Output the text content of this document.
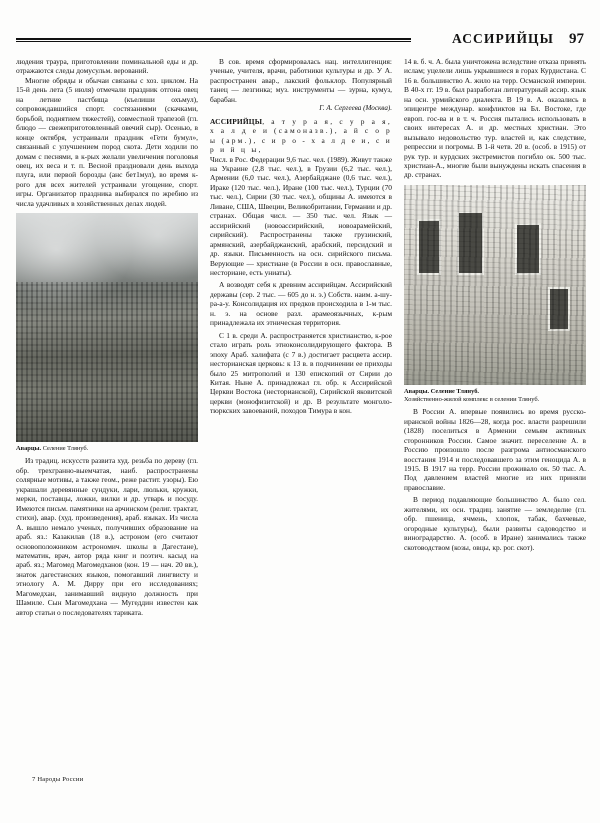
АССИРИЙЦЫ	97

людения траура, приготовлении поминальной еды и др. отражаются следы домусульм. верований.

Многие обряды и обычаи связаны с хоз. циклом. На 15-й день лета (5 июля) отмечали праздник отгона овец на летние пастбища (къелиши охъмул), сопровождавшийся спорт. состязаниями (скачками, борьбой, поднятием тяжестей), совместной трапезой (гл. блюдо — свежеприготовленный овечий сыр). Осенью, в конце октября, устраивали праздник «Гети бумул», связанный с улучшением пород скота. Дети ходили по домам с песнями, в к-рых желали увеличения поголовья овец, их веса и т. п. Весной праздновали день выхода плуга, или первой борозды (анс бет1мул), во время к-рого для всех жителей устраивали угощение, спорт. игры. Организатор праздника выбирался по жребию из числа удачливых в хозяйственных делах людей.

Аварцы. Селение Тлянуб.

Из традиц. искусств развита худ. резьба по дереву (гл. обр. трехгранно-выемчатая, наиб. распространены солярные мотивы, а также геом., реже растит. узоры). Ею украшали деревянные сундуки, лари, люльки, кружки, мерки, поставцы, ложки, вилки и др. утварь и посуду. Имеются письм. памятники на арчинском (религ. трактат, стихи), авар. (худ. произведения), араб. языках. Из числа А. вышло немало ученых, получивших образование на араб. яз.: Казакилав (18 в.), астроном (его считают основоположником астрономич. школы в Дагестане), математик, врач, автор ряда книг и поэтич. касыд на араб. яз.; Магомед Магомедханов (кон. 19 — нач. 20 вв.), знаток дагестанских языков, помогавший лингвисту и этнологу А. М. Дирру при его исследованиях; Магомедхан, занимавший видную должность при Шамиле. Сын Магомедхана — Мугеддин известен как автор статьи о последователях тариката.

7 Народы России

В сов. время сформировалась нац. интеллигенция: ученые, учителя, врачи, работники культуры и др. У А. распространен авар., лакский фольклор. Популярный танец — лезгинка; муз. инструменты — зурна, кумуз, барабан.

Г. А. Сергеева (Москва).

АССИРИЙЦЫ, а т у р а я, с у р а я, х а л д е и (самоназв.), а й с о р ы (арм.), с и р о - х а л д е и, с и р и й ц ы,

Числ. в Рос. Федерации 9,6 тыс. чел. (1989). Живут также на Украине (2,8 тыс. чел.), в Грузии (6,2 тыс. чел.), Армении (6,0 тыс. чел.), Азербайджане (0,6 тыс. чел.), Ираке (120 тыс. чел.), Иране (100 тыс. чел.), Турции (70 тыс. чел.), Сирии (30 тыс. чел.), общины А. имеются в Ливане, США, Швеции, Великобритании, Германии и др. странах. Общая числ. — 350 тыс. чел. Язык — ассирийский (новоассирийский, новоарамейский, сирийский). Распространены также грузинский, армянский, азербайджанский, арабский, персидский и др. языки. Письменность на осн. сирийского письма. Верующие — христиане (в России в осн. православные, несториане, есть униаты).

А возводят себя к древним ассирийцам. Ассирийский державы (сер. 2 тыс. — 605 до н. э.) Собств. наим. а-шу-ра-а-у. Консолидация их предков происходила в 1-м тыс. н. э. на основе разл. арамеоязычных, к-рым принадлежала их этническая территория.

С 1 в. среди А. распространяется христианство, к-рое стало играть роль этноконсолидирующего фактора. В эпоху Араб. халифата (с 7 в.) достигает расцвета ассир. несторианская церковь: к 13 в. в подчинении ее приходы было 25 митрополий и 130 епископий от Сирии до Китая. Ныне А. принадлежал гл. обр. к Ассирийской Церкви Востока (несторианской), Сирийской яковитской церкви (монофизитской) и др. В результате монголо-тюркских завоеваний, походов Тимура в кон.

14 в. б. ч. А. была уничтожена вследствие отказа принять ислам; уцелели лишь укрывшиеся в горах Курдистана. С 16 в. большинство А. жило на терр. Османской империи. В 40-х гг. 19 в. был разработан литературный ассир. язык на осн. урмийского диалекта. В 19 в. А. оказались в эпицентре междунар. конфликтов на Бл. Востоке, где европ. гос-ва и в т. ч. Россия пытались использовать в своих интересах А. и др. местных христиан. Это вызывало недовольство тур. властей и, как следствие, репрессии и погромы. В 1-й четв. 20 в. (особ. в 1915) от рук тур. и курдских экстремистов погибло ок. 500 тыс. христиан-А., многие были вынуждены искать спасения в др. странах.

Аварцы. Селение Тлянуб.

Хозяйственно-жилой комплекс в селении Тлянуб.

В России А. впервые появились во время русско-иранской войны 1826—28, когда рос. власти разрешили (1828) поселиться в Армении семьям активных сторонников России. Самое значит. переселение А. в Россию произошло после разгрома антиосманского восстания 1914 и последовавшего за этим геноцида А. в 1915. В 1917 на терр. России проживало ок. 50 тыс. А. Под давлением властей многие из них приняли православие.

В период подавляющие большинство А. было сел. жителями, их осн. традиц. занятие — земледелие (гл. обр. пшеница, ячмень, хлопок, табак, бахчевые, огородные культуры), были развиты садоводство и виноградарство. А. (особ. в Иране) занимались также скотоводством (козы, овцы, кр. рог. скот).
